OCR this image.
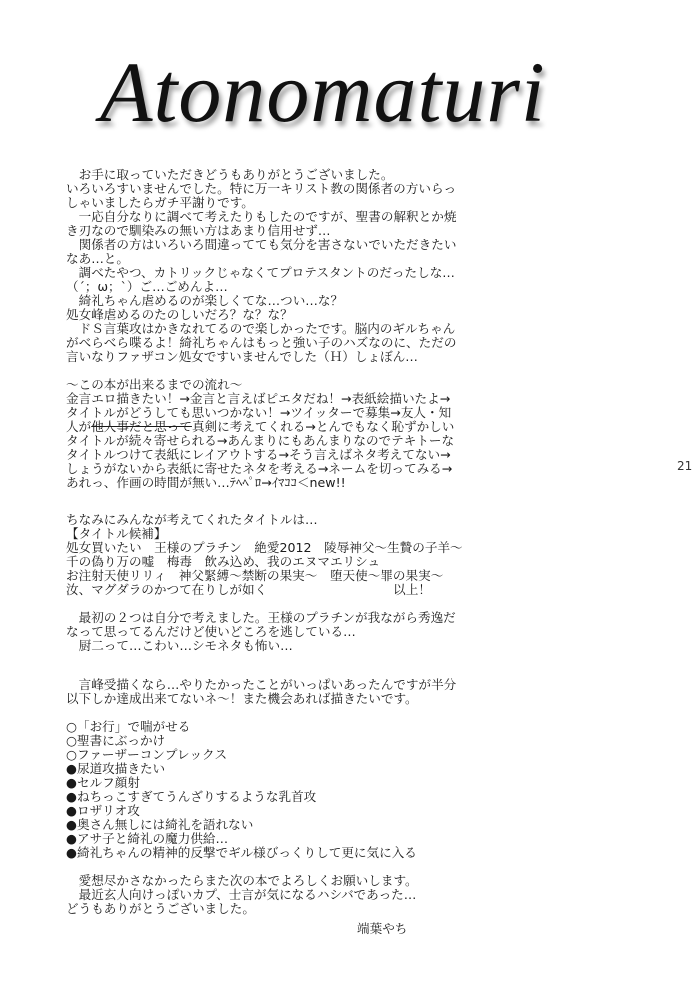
Atonomaturi
　お手に取っていただきどうもありがとうございました。
いろいろすいませんでした。特に万一キリスト教の関係者の方いらっ
しゃいましたらガチ平謝りです。
　一応自分なりに調べて考えたりもしたのですが、聖書の解釈とか焼
き刃なので馴染みの無い方はあまり信用せず…
　関係者の方はいろいろ間違ってても気分を害さないでいただきたい
なあ…と。
　調べたやつ、カトリックじゃなくてプロテスタントのだったしな…
（´；ω；`）ご…ごめんよ…
　綺礼ちゃん虐めるのが楽しくてな…つい…な？
処女峰虐めるのたのしいだろ？な？な？
　ドＳ言葉攻はかきなれてるので楽しかったです。脳内のギルちゃん
がべらべら喋るよ！綺礼ちゃんはもっと強い子のハズなのに、ただの
言いなりファザコン処女ですいませんでした（Ｈ）しょぼん…
～この本が出来るまでの流れ～
金言エロ描きたい！→金言と言えばピエタだね！→表紙絵描いたよ→
タイトルがどうしても思いつかない！→ツイッターで募集→友人・知
人が他人事だと思って真剣に考えてくれる→とんでもなく恥ずかしい
タイトルが続々寄せられる→あんまりにもあんまりなのでテキトーな
タイトルつけて表紙にレイアウトする→そう言えばネタ考えてない→
しょうがないから表紙に寄せたネタを考える→ネームを切ってみる→
あれっ、作画の時間が無い…ﾃﾍﾍﾟﾛ→ｲﾏｺｺ＜new!!
ちなみにみんなが考えてくれたタイトルは…
【タイトル候補】
処女買いたい　王様のプラチン　絶愛2012　陵辱神父～生贄の子羊～
千の偽り万の嘘　梅毒　飲み込め、我のエヌマエリシュ
お注射天使リリィ　神父緊縛～禁断の果実～　堕天使～罪の果実～
汝、マグダラのかつて在りしが如く　　　　　　　　　　以上！
　最初の２つは自分で考えました。王様のプラチンが我ながら秀逸だ
なって思ってるんだけど使いどころを逃している…
　厨二って…こわい…シモネタも怖い…
　言峰受描くなら…やりたかったことがいっぱいあったんですが半分
以下しか達成出来てないネ～！また機会あれば描きたいです。
○「お行」で喘がせる
○聖書にぶっかけ
○ファーザーコンプレックス
●尿道攻描きたい
●セルフ顔射
●ねちっこすぎてうんざりするような乳首攻
●ロザリオ攻
●奥さん無しには綺礼を語れない
●アサ子と綺礼の魔力供給…
●綺礼ちゃんの精神的反撃でギル様びっくりして更に気に入る
　愛想尽かさなかったらまた次の本でよろしくお願いします。
　最近玄人向けっぽいカプ、士言が気になるハシバであった…
どうもありがとうございました。
端葉やち
21
